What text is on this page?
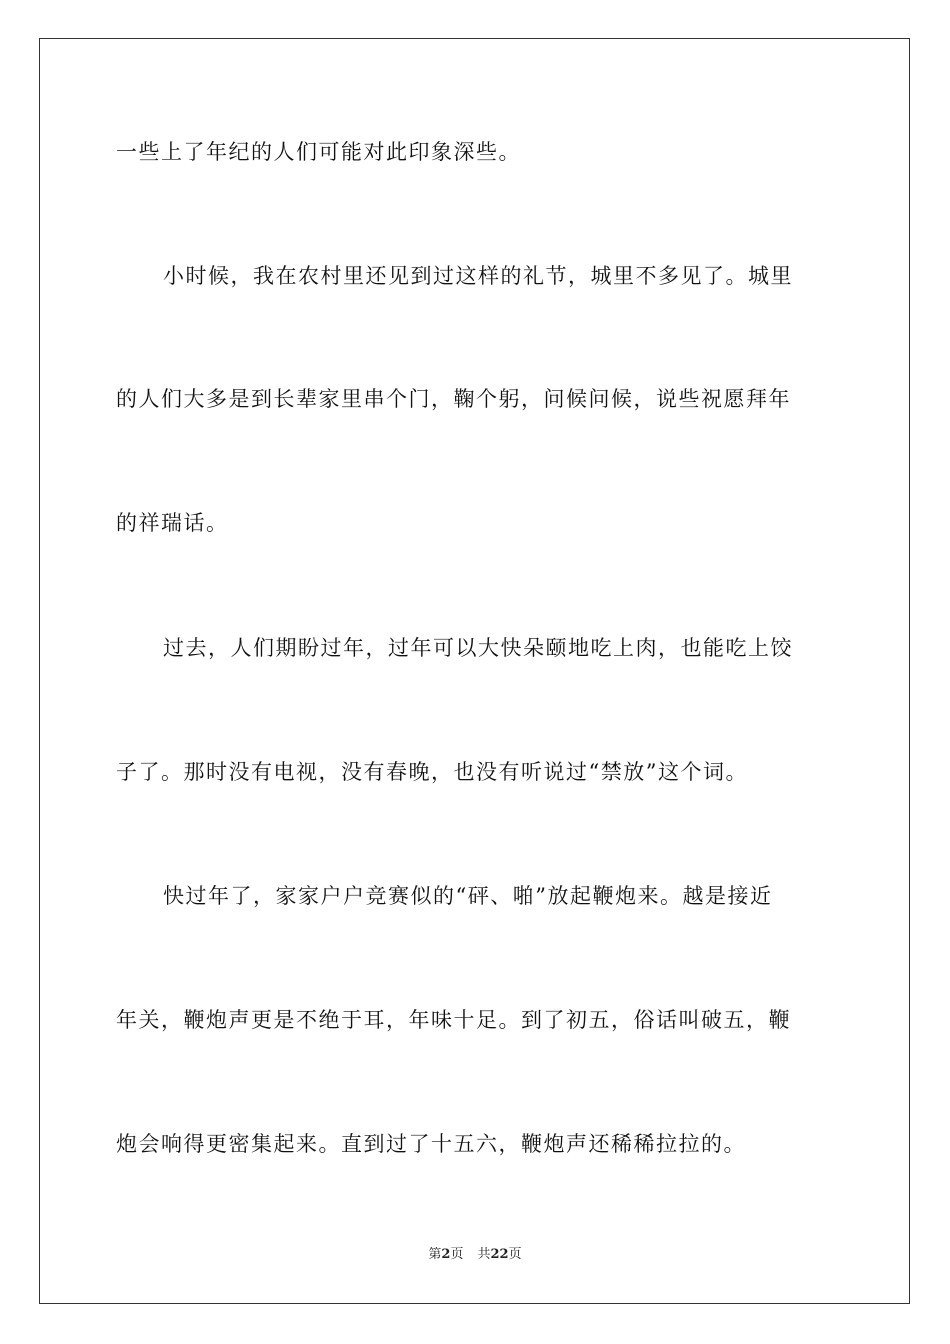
一些上了年纪的人们可能对此印象深些。
小时候，我在农村里还见到过这样的礼节，城里不多见了。城里
的人们大多是到长辈家里串个门，鞠个躬，问候问候，说些祝愿拜年
的祥瑞话。
过去，人们期盼过年，过年可以大快朵颐地吃上肉，也能吃上饺
子了。那时没有电视，没有春晚，也没有听说过“禁放”这个词。
快过年了，家家户户竞赛似的“砰、啪”放起鞭炮来。越是接近
年关，鞭炮声更是不绝于耳，年味十足。到了初五，俗话叫破五，鞭
炮会响得更密集起来。直到过了十五六，鞭炮声还稀稀拉拉的。
第2页 共22页
